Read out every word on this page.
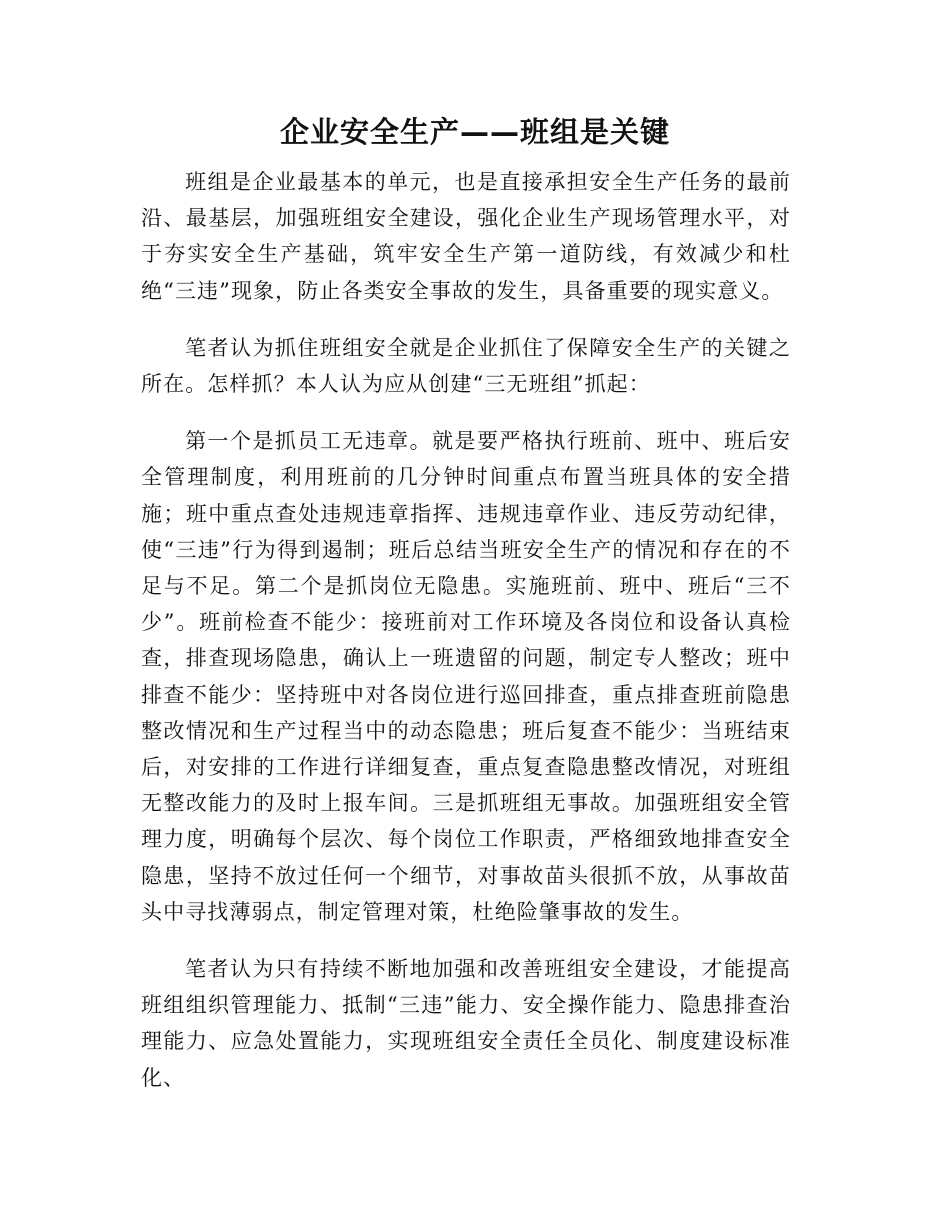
企业安全生产——班组是关键

班组是企业最基本的单元，也是直接承担安全生产任务的最前沿、最基层，加强班组安全建设，强化企业生产现场管理水平，对于夯实安全生产基础，筑牢安全生产第一道防线，有效减少和杜绝“三违”现象，防止各类安全事故的发生，具备重要的现实意义。

笔者认为抓住班组安全就是企业抓住了保障安全生产的关键之所在。怎样抓？本人认为应从创建“三无班组”抓起：

第一个是抓员工无违章。就是要严格执行班前、班中、班后安全管理制度，利用班前的几分钟时间重点布置当班具体的安全措施；班中重点查处违规违章指挥、违规违章作业、违反劳动纪律，使“三违”行为得到遏制；班后总结当班安全生产的情况和存在的不足与不足。第二个是抓岗位无隐患。实施班前、班中、班后“三不少”。班前检查不能少：接班前对工作环境及各岗位和设备认真检查，排查现场隐患，确认上一班遗留的问题，制定专人整改；班中排查不能少：坚持班中对各岗位进行巡回排查，重点排查班前隐患整改情况和生产过程当中的动态隐患；班后复查不能少：当班结束后，对安排的工作进行详细复查，重点复查隐患整改情况，对班组无整改能力的及时上报车间。三是抓班组无事故。加强班组安全管理力度，明确每个层次、每个岗位工作职责，严格细致地排查安全隐患，坚持不放过任何一个细节，对事故苗头很抓不放，从事故苗头中寻找薄弱点，制定管理对策，杜绝险肇事故的发生。

笔者认为只有持续不断地加强和改善班组安全建设，才能提高班组组织管理能力、抵制“三违”能力、安全操作能力、隐患排查治理能力、应急处置能力，实现班组安全责任全员化、制度建设标准化、
